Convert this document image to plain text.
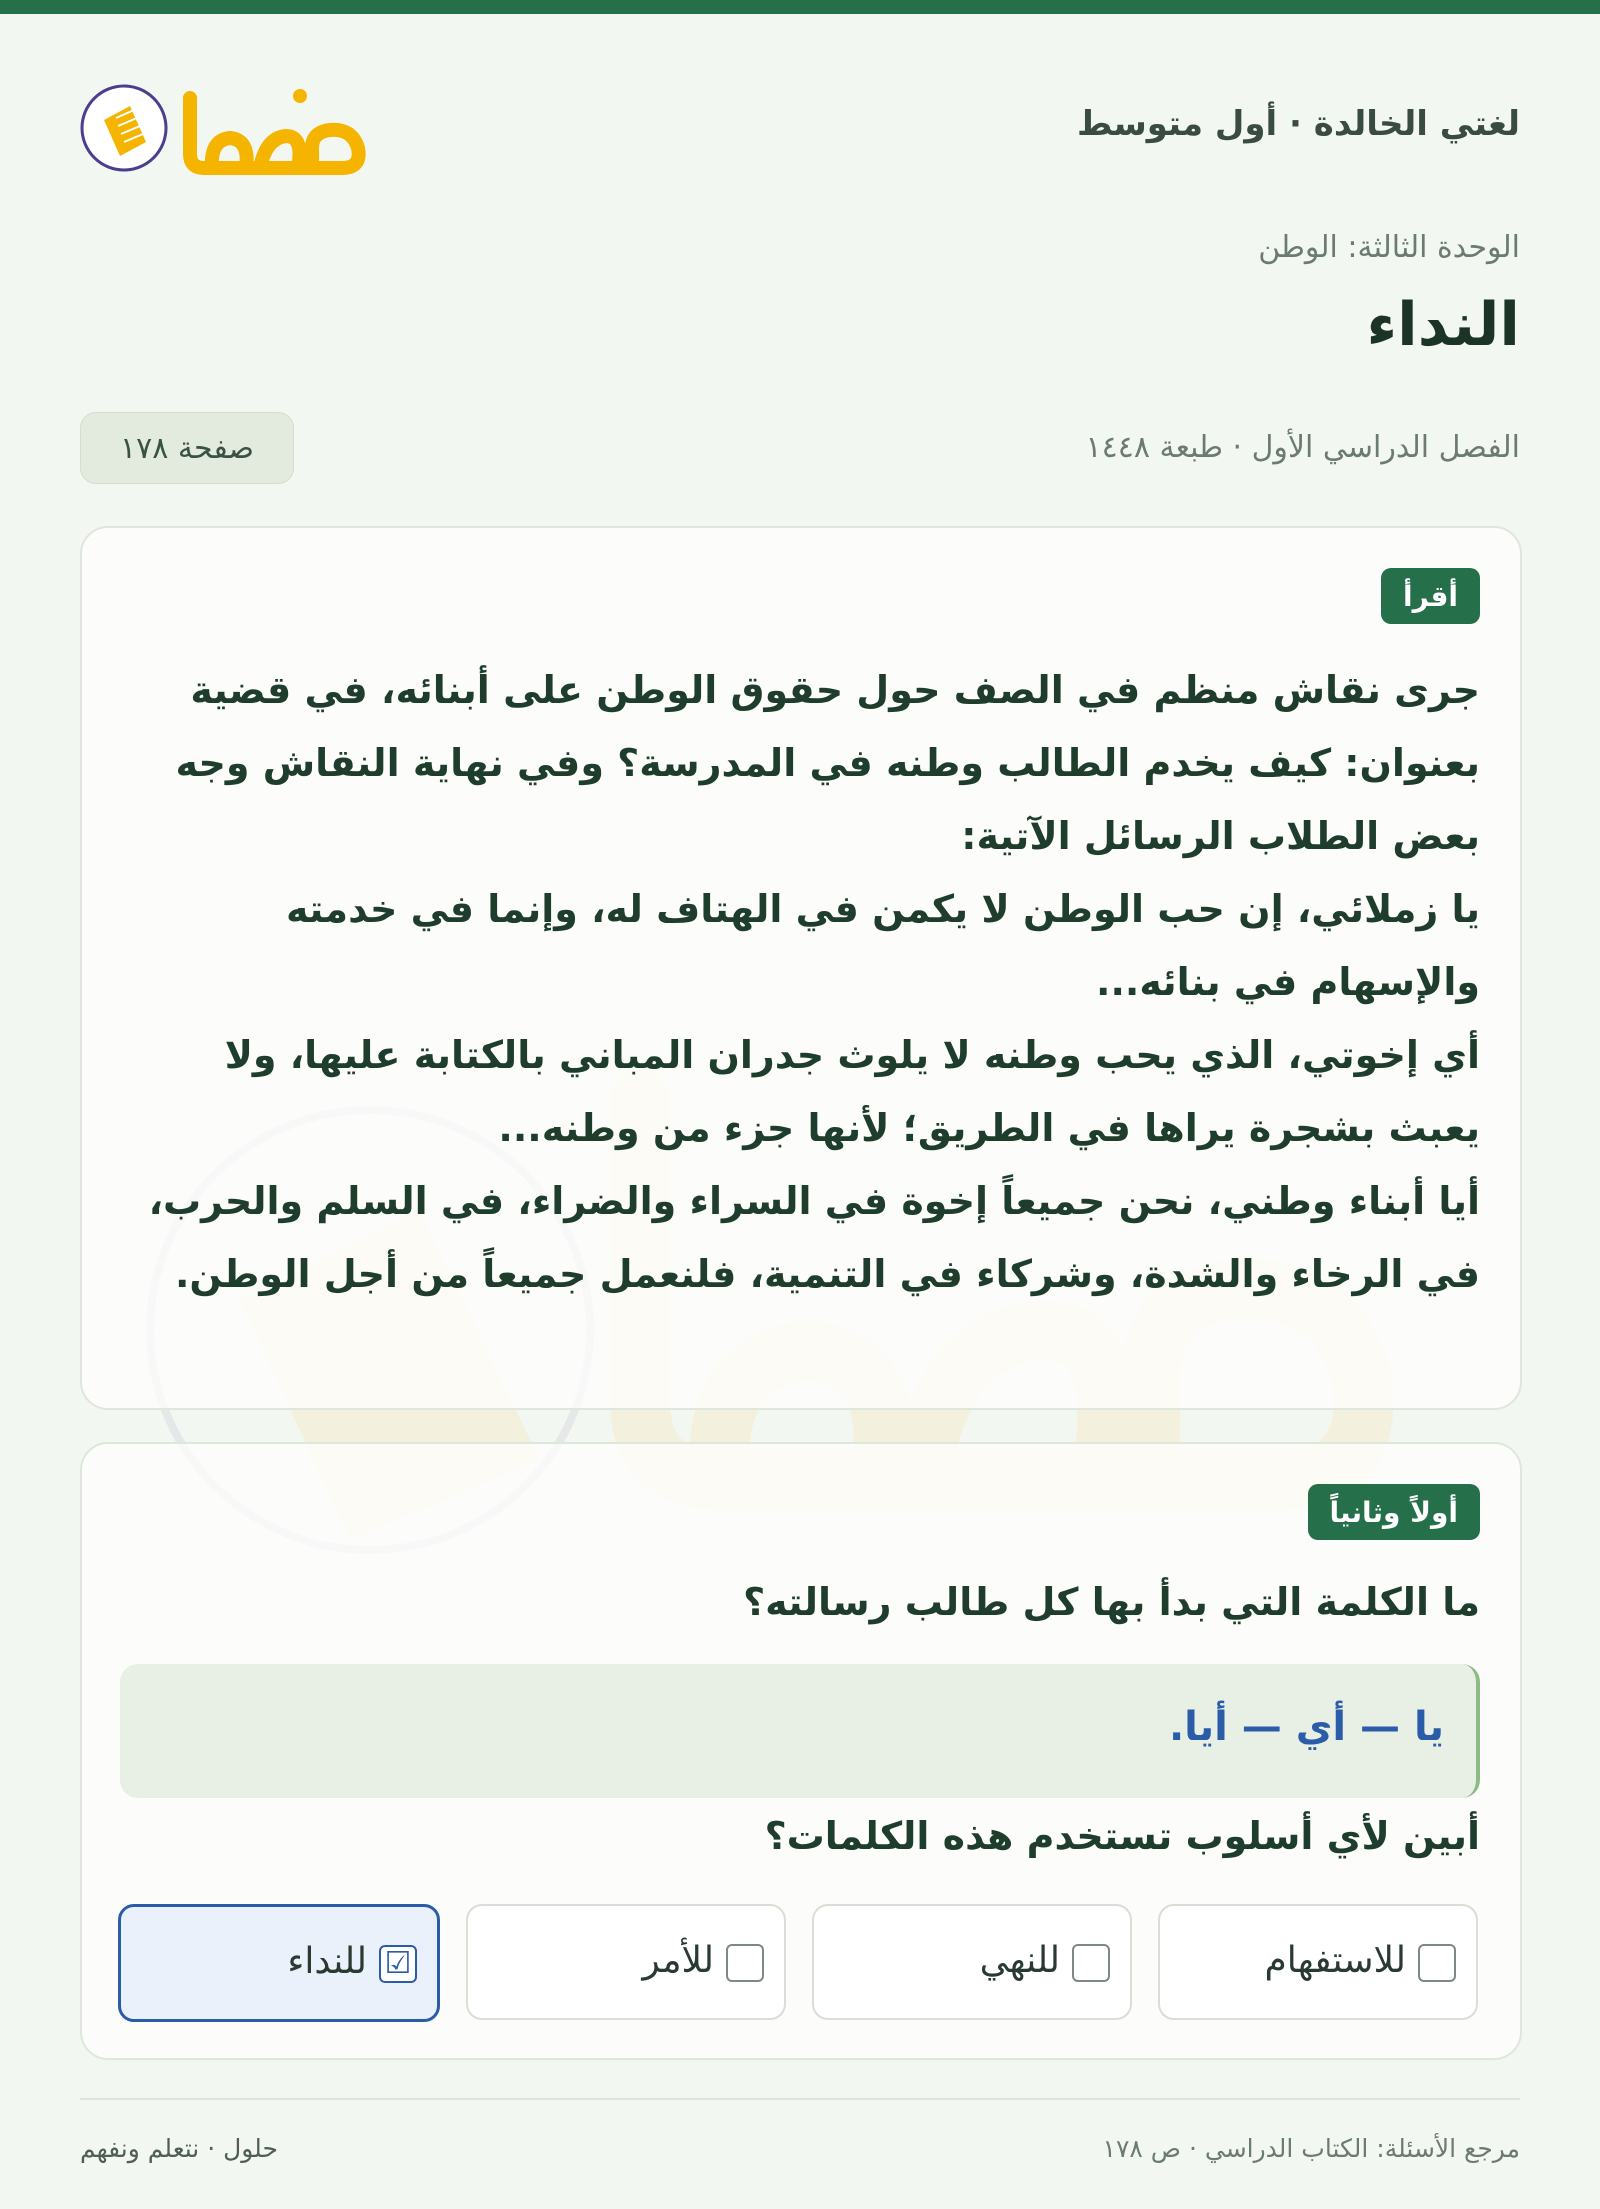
لغتي الخالدة · أول متوسط
الوحدة الثالثة: الوطن
النداء
الفصل الدراسي الأول · طبعة ١٤٤٨
صفحة ١٧٨
أقرأ

جرى نقاش منظم في الصف حول حقوق الوطن على أبنائه، في قضية بعنوان: كيف يخدم الطالب وطنه في المدرسة؟ وفي نهاية النقاش وجه بعض الطلاب الرسائل الآتية:

يا زملائي، إن حب الوطن لا يكمن في الهتاف له، وإنما في خدمته والإسهام في بنائه...

أي إخوتي، الذي يحب وطنه لا يلوث جدران المباني بالكتابة عليها، ولا يعبث بشجرة يراها في الطريق؛ لأنها جزء من وطنه...

أيا أبناء وطني، نحن جميعاً إخوة في السراء والضراء، في السلم والحرب، في الرخاء والشدة، وشركاء في التنمية، فلنعمل جميعاً من أجل الوطن.

أولاً وثانياً
ما الكلمة التي بدأ بها كل طالب رسالته؟
يا — أي — أيا.
أبين لأي أسلوب تستخدم هذه الكلمات؟
للاستفهام
للنهي
للأمر
☑
للنداء
مرجع الأسئلة: الكتاب الدراسي · ص ١٧٨
حلول · نتعلم ونفهم
